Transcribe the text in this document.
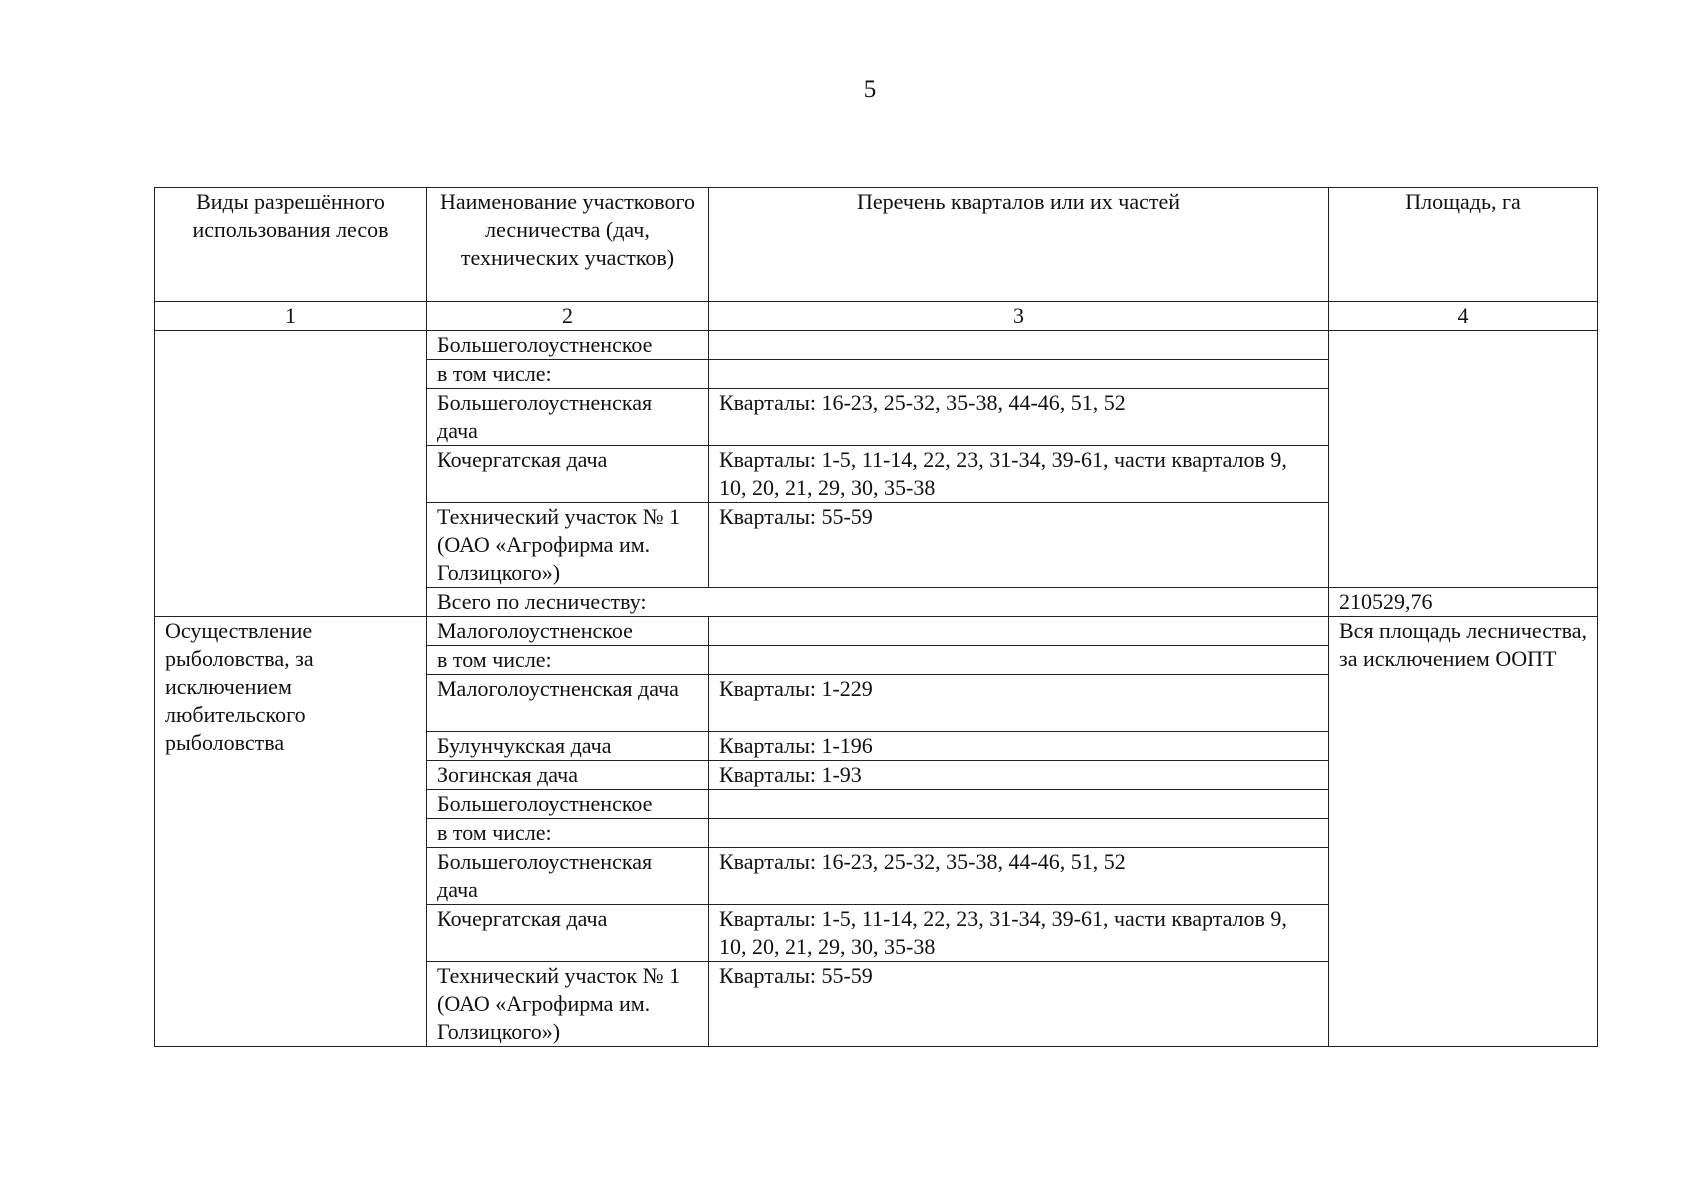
5
Виды разрешённого использования лесов	Наименование участкового лесничества (дач, технических участков)	Перечень кварталов или их частей	Площадь, га
1	2	3	4
	Большеголоустненское		
	в том числе:		
	Большеголоустненская дача	Кварталы: 16-23, 25-32, 35-38, 44-46, 51, 52	
	Кочергатская дача	Кварталы: 1-5, 11-14, 22, 23, 31-34, 39-61, части кварталов 9, 10, 20, 21, 29, 30, 35-38	
	Технический участок № 1 (ОАО «Агрофирма им. Голзицкого»)	Кварталы: 55-59	
	Всего по лесничеству:		210529,76
Осуществление рыболовства, за исключением любительского рыболовства	Малоголоустненское		Вся площадь лесничества, за исключением ООПТ
	в том числе:		
	Малоголоустненская дача	Кварталы: 1-229	
	Булунчукская дача	Кварталы: 1-196	
	Зогинская дача	Кварталы: 1-93	
	Большеголоустненское		
	в том числе:		
	Большеголоустненская дача	Кварталы: 16-23, 25-32, 35-38, 44-46, 51, 52	
	Кочергатская дача	Кварталы: 1-5, 11-14, 22, 23, 31-34, 39-61, части кварталов 9, 10, 20, 21, 29, 30, 35-38	
	Технический участок № 1 (ОАО «Агрофирма им. Голзицкого»)	Кварталы: 55-59	
